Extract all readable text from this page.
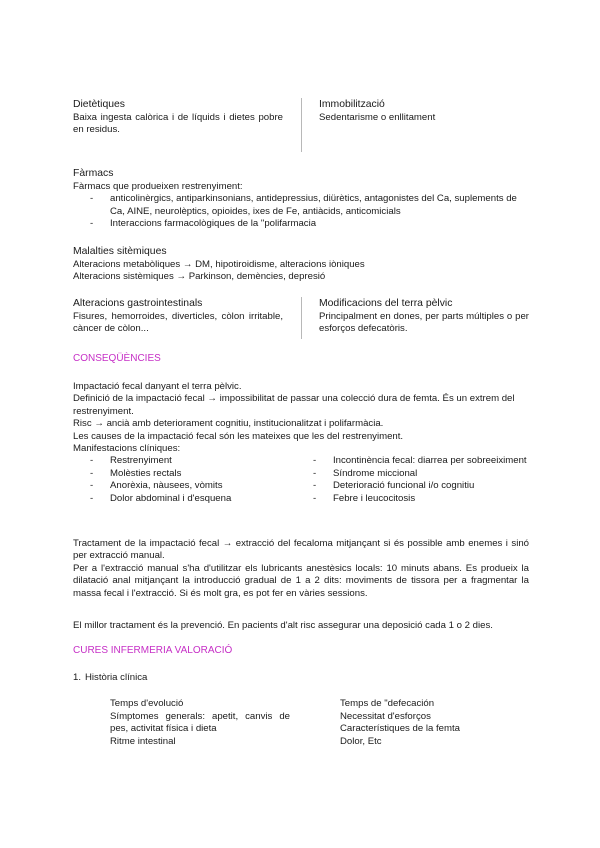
Dietètiques

Baixa ingesta calòrica i de líquids i dietes pobre en residus.

Immobilització

Sedentarisme o enllitament

Fàrmacs

Fàrmacs que produeixen restrenyiment:

- anticolinèrgics, antiparkinsonians, antidepressius, diürètics, antagonistes del Ca, suplements de Ca, AINE, neurolèptics, opioides, ixes de Fe, antiàcids, anticomicials
- Interaccions farmacològiques de la "polifarmacia
Malalties sitèmiques

Alteracions metabòliques → DM, hipotiroidisme, alteracions iòniques

Alteracions sistèmiques → Parkinson, demències, depresió

Alteracions gastrointestinals

Fisures, hemorroides, diverticles, còlon irritable, càncer de còlon...

Modificacions del terra pèlvic

Principalment en dones, per parts múltiples o per esforços defecatòris.

CONSEQÜÈNCIES

Impactació fecal danyant el terra pèlvic.

Definició de la impactació fecal → impossibilitat de passar una colecció dura de femta. És un extrem del restrenyiment.

Risc → ancià amb deteriorament cognitiu, institucionalitzat i polifarmàcia.

Les causes de la impactació fecal són les mateixes que les del restrenyiment.

Manifestacions clíniques:

- Restrenyiment
- Molèsties rectals
- Anorèxia, nàusees, vòmits
- Dolor abdominal i d'esquena
- Incontinència fecal: diarrea per sobreeiximent
- Síndrome miccional
- Deterioració funcional i/o cognitiu
- Febre i leucocitosis

Tractament de la impactació fecal → extracció del fecaloma mitjançant si és possible amb enemes i sinó per extracció manual.

Per a l'extracció manual s'ha d'utilitzar els lubricants anestèsics locals: 10 minuts abans. Es produeix la dilatació anal mitjançant la introducció gradual de 1 a 2 dits: moviments de tissora per a fragmentar la massa fecal i l'extracció. Si és molt gra, es pot fer en vàries sessions.

El millor tractament és la prevenció. En pacients d'alt risc assegurar una deposició cada 1 o 2 dies.

CURES INFERMERIA VALORACIÓ
1. Història clínica

Temps d'evolució

Símptomes generals: apetit, canvis de pes, activitat física i dieta

Ritme intestinal

Temps de "defecación

Necessitat d'esforços

Característiques de la femta

Dolor, Etc
